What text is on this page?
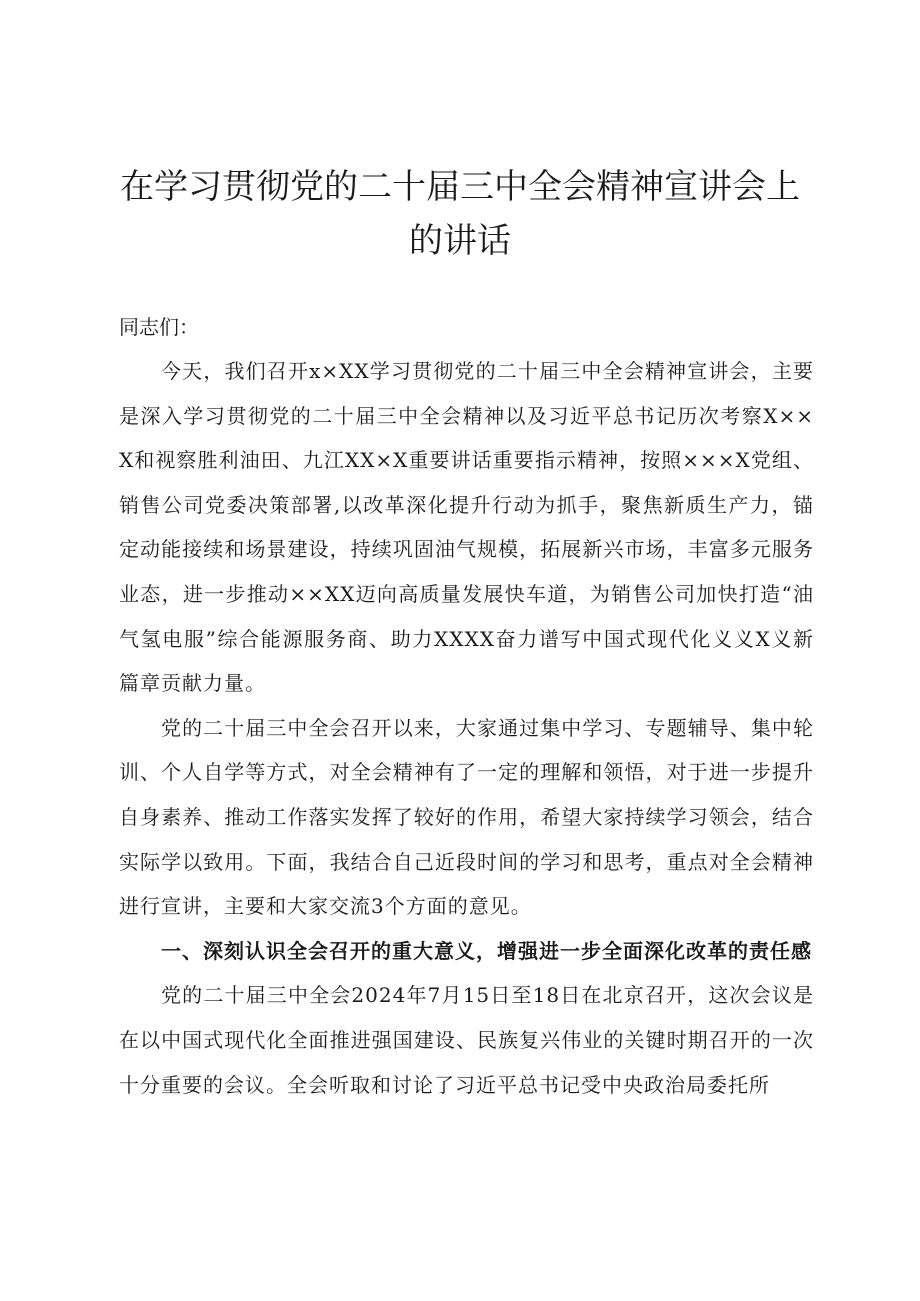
在学习贯彻党的二十届三中全会精神宣讲会上
的讲话

同志们：

今天，我们召开x×XX学习贯彻党的二十届三中全会精神宣讲会，主要是深入学习贯彻党的二十届三中全会精神以及习近平总书记历次考察X××X和视察胜利油田、九江XX×X重要讲话重要指示精神，按照×××X党组、销售公司党委决策部署,以改革深化提升行动为抓手，聚焦新质生产力，锚定动能接续和场景建设，持续巩固油气规模，拓展新兴市场，丰富多元服务业态，进一步推动××XX迈向高质量发展快车道，为销售公司加快打造“油气氢电服”综合能源服务商、助力XXXX奋力谱写中国式现代化义义X义新篇章贡献力量。

党的二十届三中全会召开以来，大家通过集中学习、专题辅导、集中轮训、个人自学等方式，对全会精神有了一定的理解和领悟，对于进一步提升自身素养、推动工作落实发挥了较好的作用，希望大家持续学习领会，结合实际学以致用。下面，我结合自己近段时间的学习和思考，重点对全会精神进行宣讲，主要和大家交流3个方面的意见。

一、深刻认识全会召开的重大意义，增强进一步全面深化改革的责任感

党的二十届三中全会2024年7月15日至18日在北京召开，这次会议是在以中国式现代化全面推进强国建设、民族复兴伟业的关键时期召开的一次十分重要的会议。全会听取和讨论了习近平总书记受中央政治局委托所
